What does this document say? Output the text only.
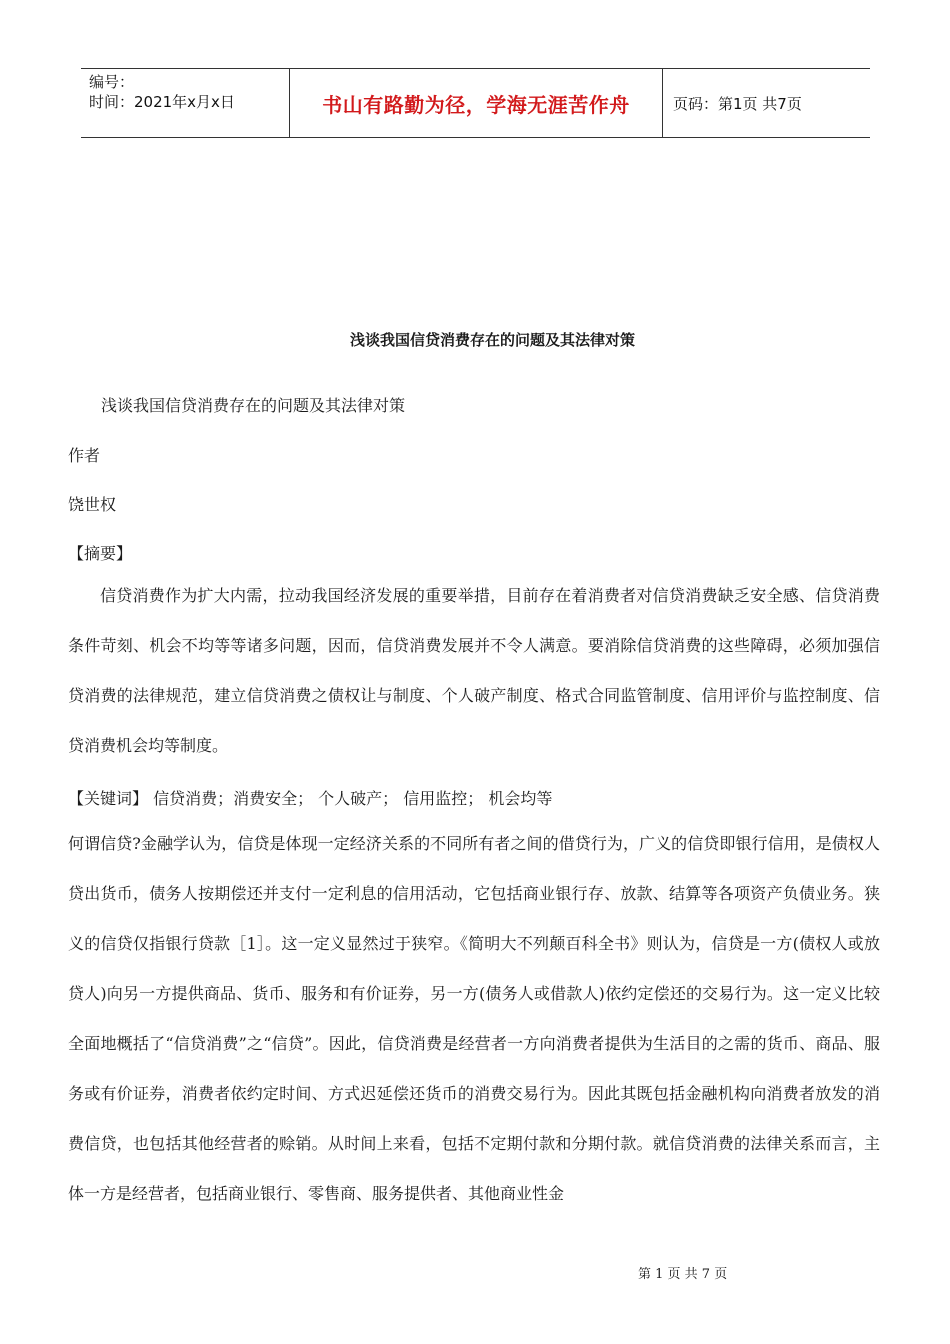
编号：
时间：2021年x月x日	书山有路勤为径，学海无涯苦作舟	页码：第1页 共7页
浅谈我国信贷消费存在的问题及其法律对策
浅谈我国信贷消费存在的问题及其法律对策
作者
饶世权
【摘要】

信贷消费作为扩大内需，拉动我国经济发展的重要举措，目前存在着消费者对信贷消费缺乏安全感、信贷消费条件苛刻、机会不均等等诸多问题，因而，信贷消费发展并不令人满意。要消除信贷消费的这些障碍，必须加强信贷消费的法律规范，建立信贷消费之债权让与制度、个人破产制度、格式合同监管制度、信用评价与监控制度、信贷消费机会均等制度。

【关键词】 信贷消费；消费安全； 个人破产； 信用监控； 机会均等

何谓信贷?金融学认为，信贷是体现一定经济关系的不同所有者之间的借贷行为，广义的信贷即银行信用，是债权人贷出货币，债务人按期偿还并支付一定利息的信用活动，它包括商业银行存、放款、结算等各项资产负债业务。狭义的信贷仅指银行贷款［1］。这一定义显然过于狭窄。《简明大不列颠百科全书》则认为，信贷是一方(债权人或放贷人)向另一方提供商品、货币、服务和有价证券，另一方(债务人或借款人)依约定偿还的交易行为。这一定义比较全面地概括了“信贷消费”之“信贷”。因此，信贷消费是经营者一方向消费者提供为生活目的之需的货币、商品、服务或有价证券，消费者依约定时间、方式迟延偿还货币的消费交易行为。因此其既包括金融机构向消费者放发的消费信贷，也包括其他经营者的赊销。从时间上来看，包括不定期付款和分期付款。就信贷消费的法律关系而言，主体一方是经营者，包括商业银行、零售商、服务提供者、其他商业性金

第 1 页 共 7 页
